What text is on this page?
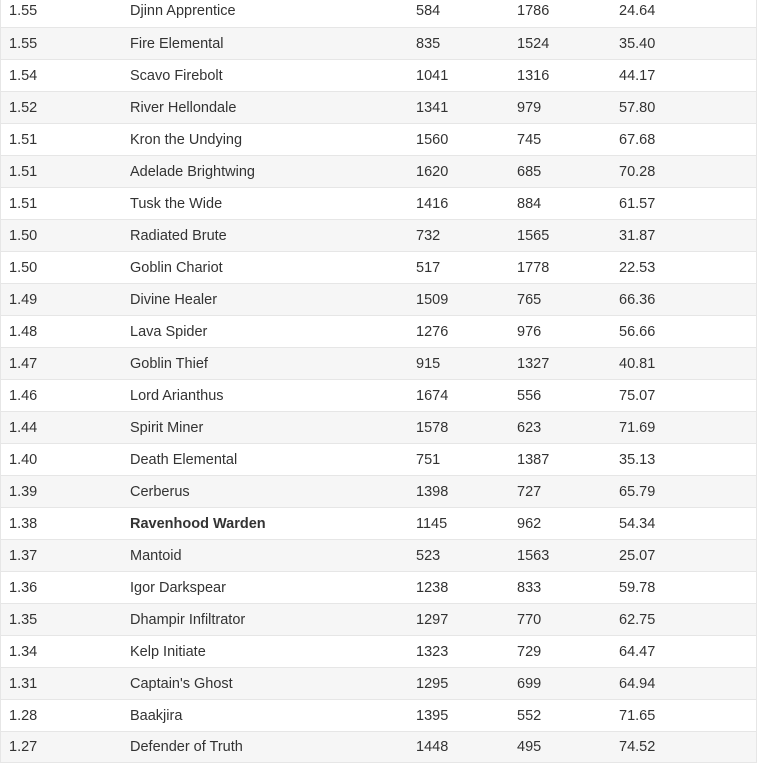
1.55	Djinn Apprentice	584	1786	24.64
1.55	Fire Elemental	835	1524	35.40
1.54	Scavo Firebolt	1041	1316	44.17
1.52	River Hellondale	1341	979	57.80
1.51	Kron the Undying	1560	745	67.68
1.51	Adelade Brightwing	1620	685	70.28
1.51	Tusk the Wide	1416	884	61.57
1.50	Radiated Brute	732	1565	31.87
1.50	Goblin Chariot	517	1778	22.53
1.49	Divine Healer	1509	765	66.36
1.48	Lava Spider	1276	976	56.66
1.47	Goblin Thief	915	1327	40.81
1.46	Lord Arianthus	1674	556	75.07
1.44	Spirit Miner	1578	623	71.69
1.40	Death Elemental	751	1387	35.13
1.39	Cerberus	1398	727	65.79
1.38	Ravenhood Warden	1145	962	54.34
1.37	Mantoid	523	1563	25.07
1.36	Igor Darkspear	1238	833	59.78
1.35	Dhampir Infiltrator	1297	770	62.75
1.34	Kelp Initiate	1323	729	64.47
1.31	Captain's Ghost	1295	699	64.94
1.28	Baakjira	1395	552	71.65
1.27	Defender of Truth	1448	495	74.52
